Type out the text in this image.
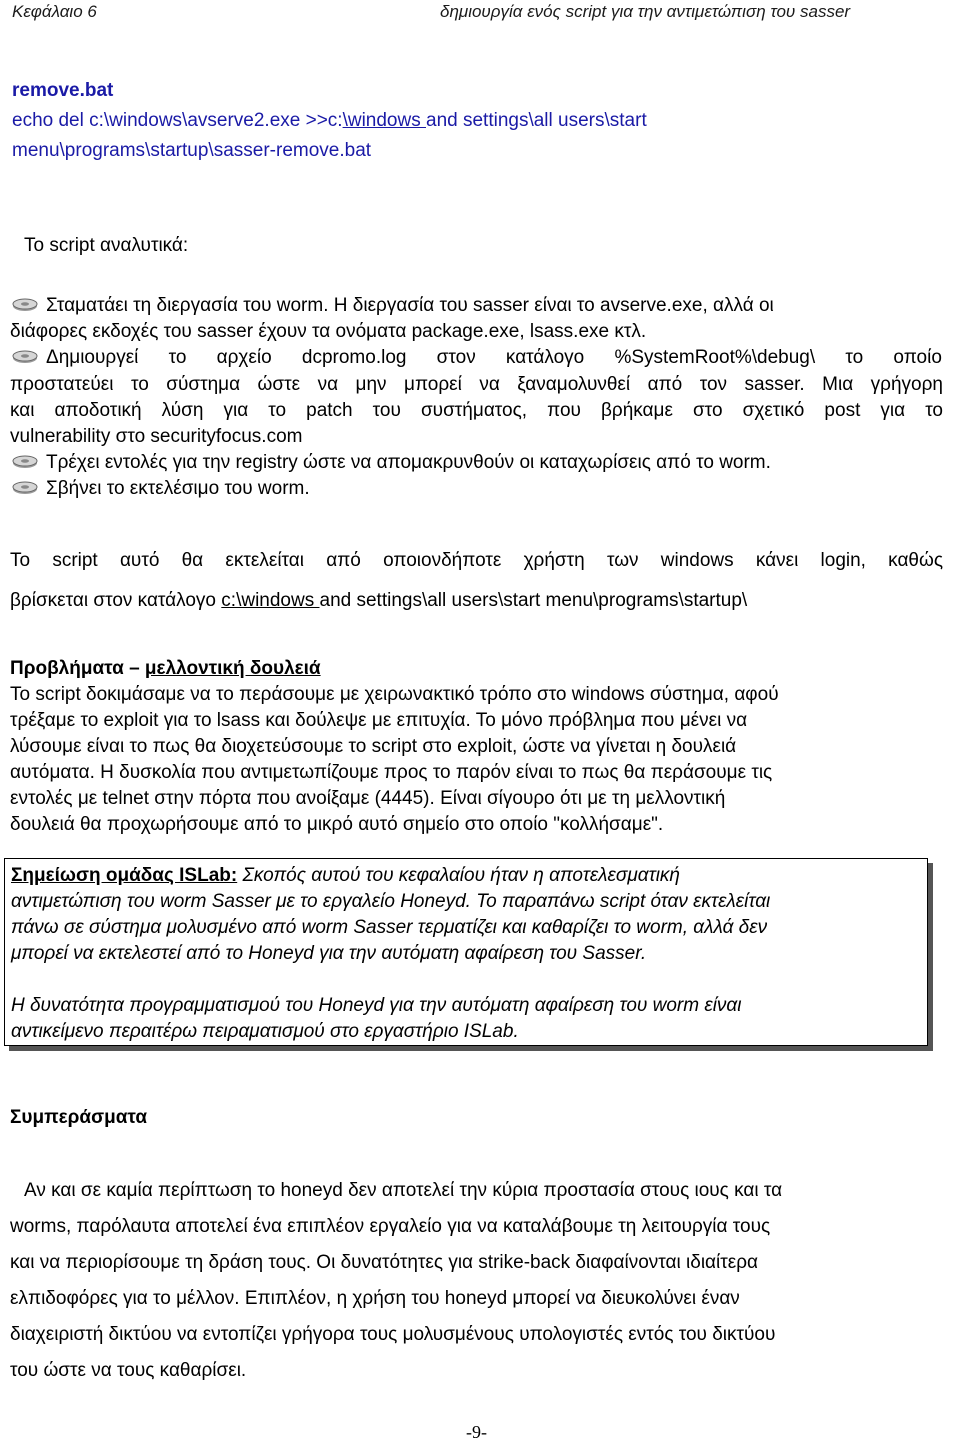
Κεφάλαιο 6	δημιουργία ενός script για την αντιμετώπιση του sasser
remove.bat
echo del c:\windows\avserve2.exe >>c:\windows and settings\all users\start
menu\programs\startup\sasser-remove.bat
Το script αναλυτικά:
Σταματάει τη διεργασία του worm. Η διεργασία του sasser είναι το avserve.exe, αλλά οι
διάφορες εκδοχές του sasser έχουν τα ονόματα package.exe, lsass.exe κτλ.
Δημιουργεί το αρχείο dcpromo.log στον κατάλογο %SystemRoot%\debug\ το οποίο
προστατεύει το σύστημα ώστε να μην μπορεί να ξαναμολυνθεί από τον sasser. Μια γρήγορη
και αποδοτική λύση για το patch του συστήματος, που βρήκαμε στο σχετικό post για το
vulnerability στο securityfocus.com
Τρέχει εντολές για την registry ώστε να απομακρυνθούν οι καταχωρίσεις από το worm.
Σβήνει το εκτελέσιμο του worm.
Το script αυτό θα εκτελείται από οποιονδήποτε χρήστη των windows κάνει login, καθώς
βρίσκεται στον κατάλογο c:\windows and settings\all users\start menu\programs\startup\
Προβλήματα – μελλοντική δουλειά
Το script δοκιμάσαμε να το περάσουμε με χειρωνακτικό τρόπο στο windows σύστημα, αφού
τρέξαμε το exploit για το lsass και δούλεψε με επιτυχία. Το μόνο πρόβλημα που μένει να
λύσουμε είναι το πως θα διοχετεύσουμε το script στο exploit, ώστε να γίνεται η δουλειά
αυτόματα. Η δυσκολία που αντιμετωπίζουμε προς το παρόν είναι το πως θα περάσουμε τις
εντολές με telnet στην πόρτα που ανοίξαμε (4445). Είναι σίγουρο ότι με τη μελλοντική
δουλειά θα προχωρήσουμε από το μικρό αυτό σημείο στο οποίο "κολλήσαμε".
Σημείωση ομάδας ISLab: Σκοπός αυτού του κεφαλαίου ήταν η αποτελεσματική
αντιμετώπιση του worm Sasser με το εργαλείο Honeyd. Το παραπάνω script όταν εκτελείται
πάνω σε σύστημα μολυσμένο από worm Sasser τερματίζει και καθαρίζει το worm, αλλά δεν
μπορεί να εκτελεστεί από το Honeyd για την αυτόματη αφαίρεση του Sasser.
Η δυνατότητα προγραμματισμού του Honeyd για την αυτόματη αφαίρεση του worm είναι
αντικείμενο περαιτέρω πειραματισμού στο εργαστήριο ISLab.
Συμπεράσματα
Αν και σε καμία περίπτωση το honeyd δεν αποτελεί την κύρια προστασία στους ιους και τα
worms, παρόλαυτα αποτελεί ένα επιπλέον εργαλείο για να καταλάβουμε τη λειτουργία τους
και να περιορίσουμε τη δράση τους. Οι δυνατότητες για strike-back διαφαίνονται ιδιαίτερα
ελπιδοφόρες για το μέλλον. Επιπλέον, η χρήση του honeyd μπορεί να διευκολύνει έναν
διαχειριστή δικτύου να εντοπίζει γρήγορα τους μολυσμένους υπολογιστές εντός του δικτύου
του ώστε να τους καθαρίσει.
-9-
